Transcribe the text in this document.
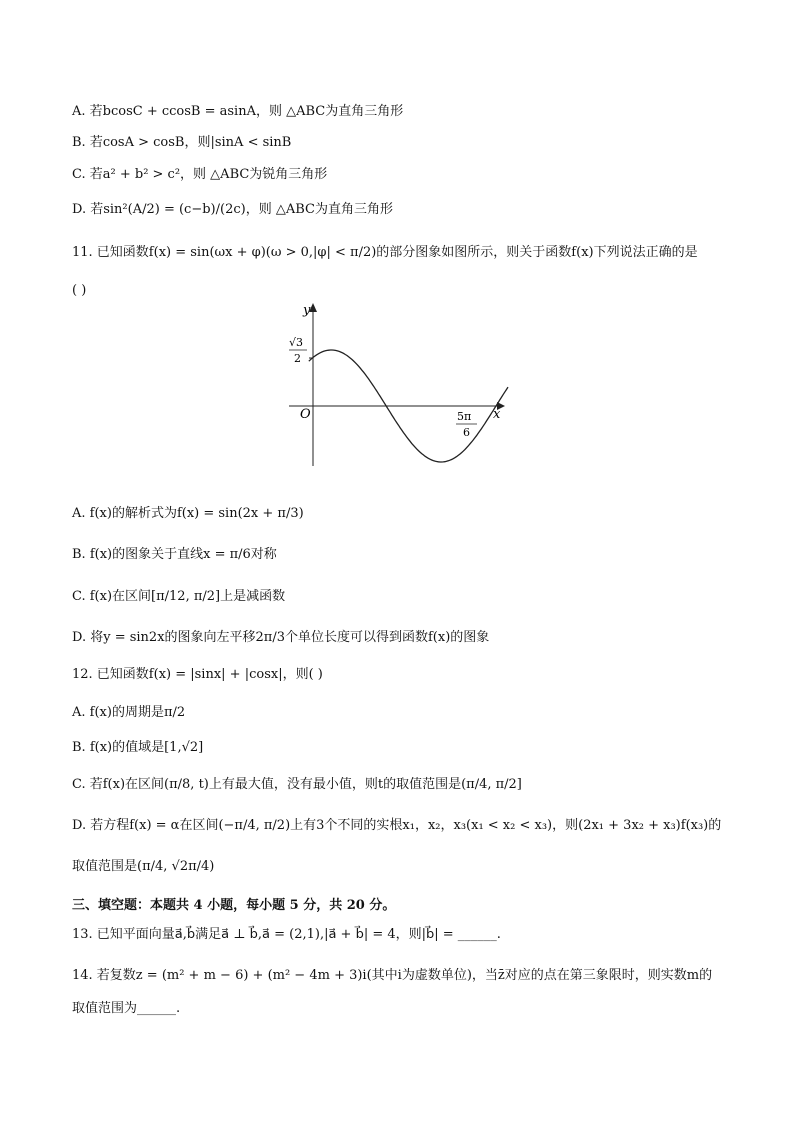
A. 若bcosC + ccosB = asinA，则 △ABC为直角三角形
B. 若cosA > cosB，则|sinA < sinB
C. 若a² + b² > c²，则 △ABC为锐角三角形
D. 若sin²(A/2) = (c−b)/(2c)，则 △ABC为直角三角形
11. 已知函数f(x) = sin(ωx + φ)(ω > 0,|φ| < π/2)的部分图象如图所示，则关于函数f(x)下列说法正确的是
( )
y
x
O
√3
2
5π
6
A. f(x)的解析式为f(x) = sin(2x + π/3)
B. f(x)的图象关于直线x = π/6对称
C. f(x)在区间[π/12, π/2]上是减函数
D. 将y = sin2x的图象向左平移2π/3个单位长度可以得到函数f(x)的图象
12. 已知函数f(x) = |sinx| + |cosx|，则( )
A. f(x)的周期是π/2
B. f(x)的值域是[1,√2]
C. 若f(x)在区间(π/8, t)上有最大值，没有最小值，则t的取值范围是(π/4, π/2]
D. 若方程f(x) = α在区间(−π/4, π/2)上有3个不同的实根x₁，x₂，x₃(x₁ < x₂ < x₃)，则(2x₁ + 3x₂ + x₃)f(x₃)的
取值范围是(π/4, √2π/4)
三、填空题：本题共 4 小题，每小题 5 分，共 20 分。
13. 已知平面向量a⃗,b⃗满足a⃗ ⊥ b⃗,a⃗ = (2,1),|a⃗ + b⃗| = 4，则|b⃗| = ______.
14. 若复数z = (m² + m − 6) + (m² − 4m + 3)i(其中i为虚数单位)，当z̄对应的点在第三象限时，则实数m的
取值范围为______.
